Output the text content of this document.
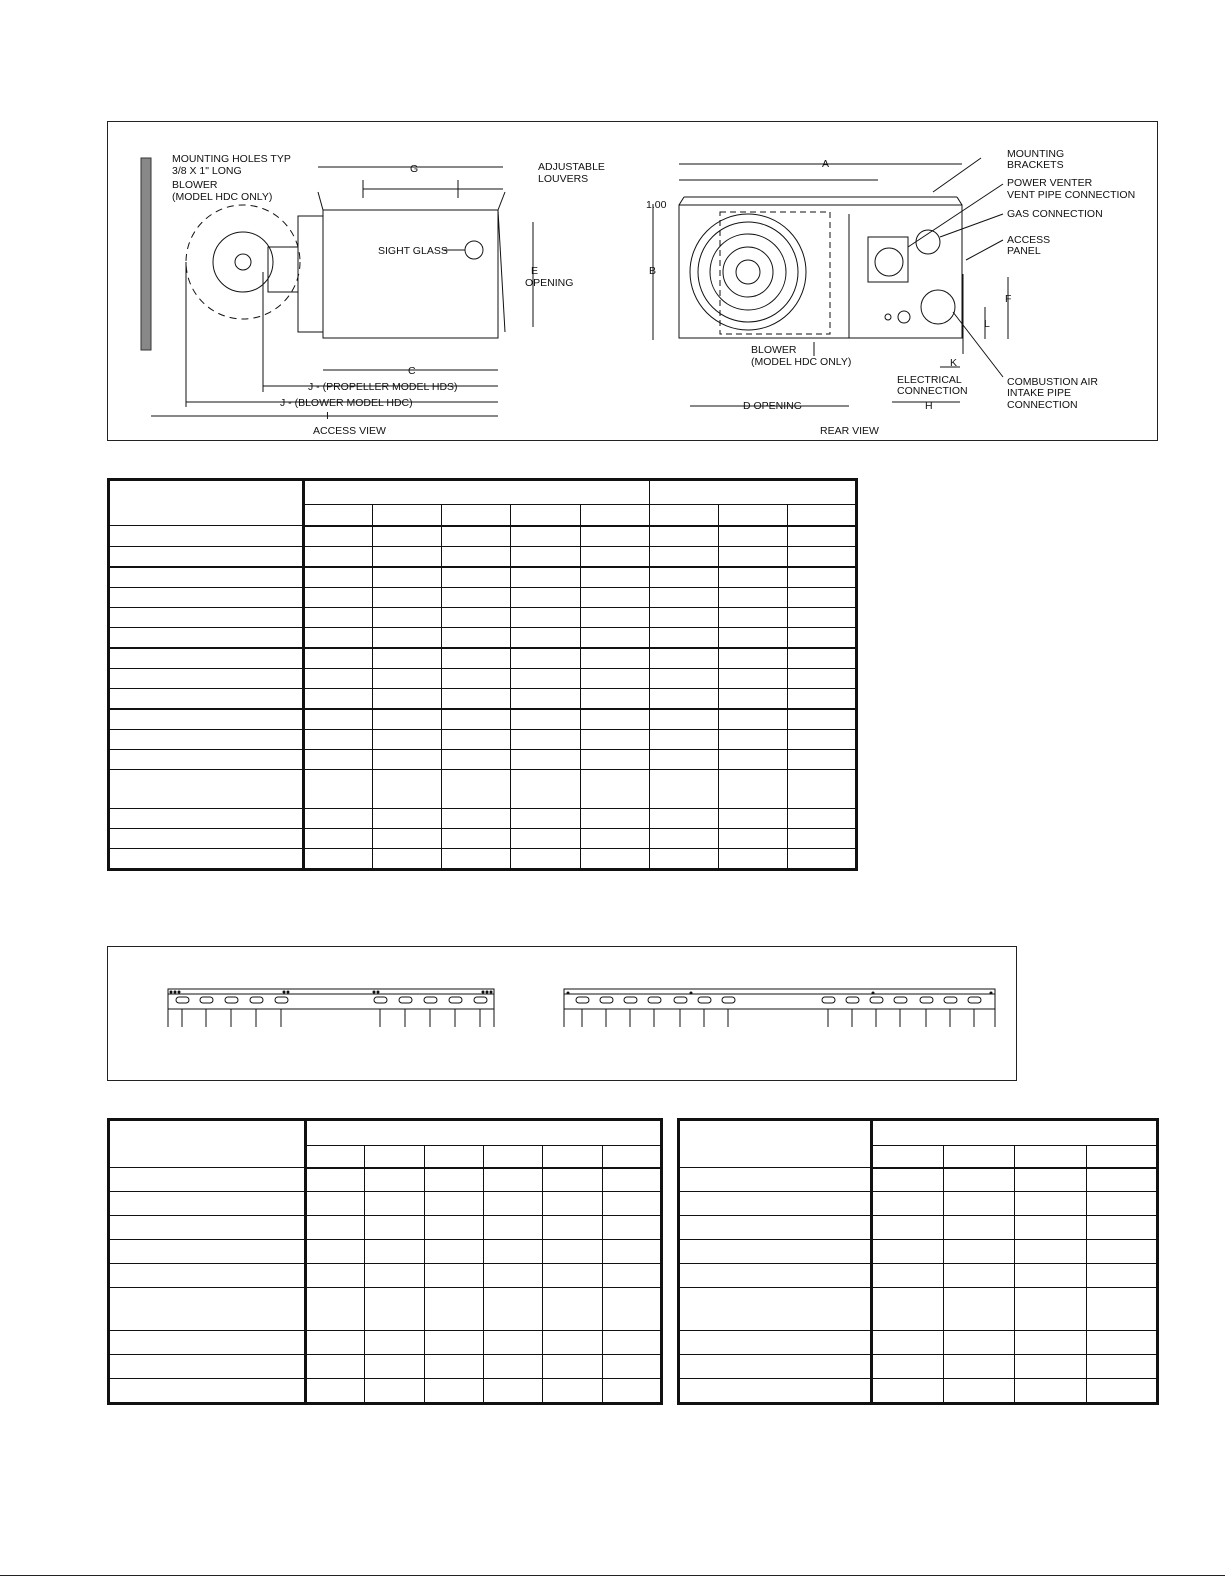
MOUNTING HOLES TYP
3/8 X 1" LONG
BLOWER
(MODEL HDC ONLY)
ADJUSTABLE
LOUVERS
G
SIGHT GLASS
E
OPENING
C
J - (PROPELLER MODEL HDS)
J - (BLOWER MODEL HDC)
I
ACCESS VIEW
A
1.00
B
MOUNTING
BRACKETS
POWER VENTER
VENT PIPE CONNECTION
GAS CONNECTION
ACCESS
PANEL
F
L
K
BLOWER
(MODEL HDC ONLY)
ELECTRICAL
CONNECTION
H
COMBUSTION AIR
INTAKE PIPE
CONNECTION
D OPENING
REAR VIEW
